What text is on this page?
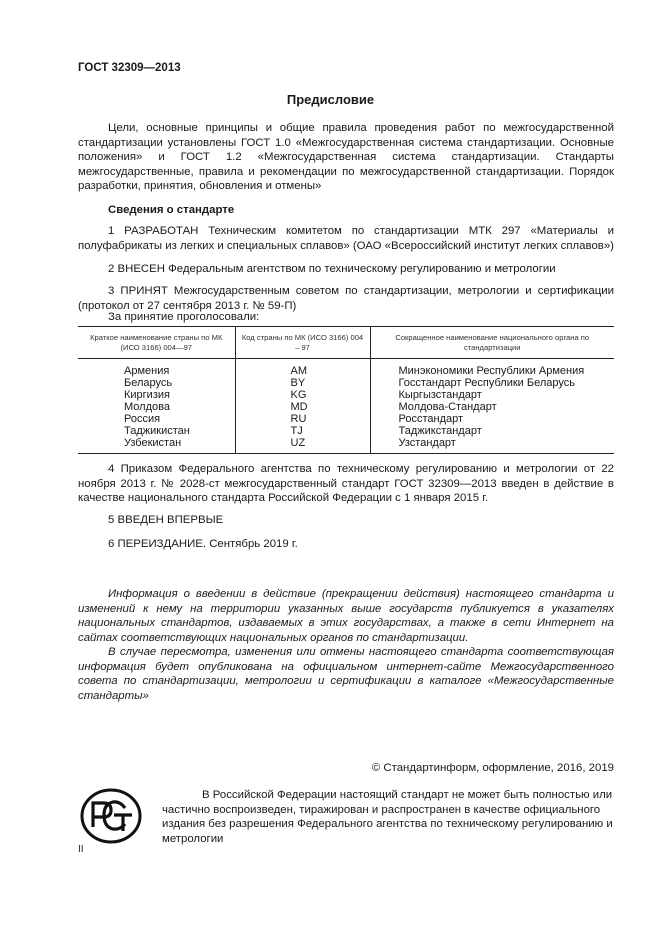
ГОСТ 32309—2013
Предисловие

Цели, основные принципы и общие правила проведения работ по межгосударственной стандартизации установлены ГОСТ 1.0 «Межгосударственная система стандартизации. Основные положения» и ГОСТ 1.2 «Межгосударственная система стандартизации. Стандарты межгосударственные, правила и рекомендации по межгосударственной стандартизации. Порядок разработки, принятия, обновления и отмены»

Сведения о стандарте

1 РАЗРАБОТАН Техническим комитетом по стандартизации МТК 297 «Материалы и полуфабрикаты из легких и специальных сплавов» (ОАО «Всероссийский институт легких сплавов»)

2 ВНЕСЕН Федеральным агентством по техническому регулированию и метрологии

3 ПРИНЯТ Межгосударственным советом по стандартизации, метрологии и сертификации (протокол от 27 сентября 2013 г. № 59-П)

За принятие проголосовали:

Краткое наименование страны по МК (ИСО 3166) 004—97	Код страны по МК (ИСО 3166) 004 – 97	Сокращенное наименование национального органа по стандартизации
Армения	AM	Минэкономики Республики Армения
Беларусь	BY	Госстандарт Республики Беларусь
Киргизия	KG	Кыргызстандарт
Молдова	MD	Молдова-Стандарт
Россия	RU	Росстандарт
Таджикистан	TJ	Таджикстандарт
Узбекистан	UZ	Узстандарт

4 Приказом Федерального агентства по техническому регулированию и метрологии от 22 ноября 2013 г. № 2028-ст межгосударственный стандарт ГОСТ 32309—2013 введен в действие в качестве национального стандарта Российской Федерации с 1 января 2015 г.

5 ВВЕДЕН ВПЕРВЫЕ

6 ПЕРЕИЗДАНИЕ. Сентябрь 2019 г.

Информация о введении в действие (прекращении действия) настоящего стандарта и изменений к нему на территории указанных выше государств публикуется в указателях национальных стандартов, издаваемых в этих государствах, а также в сети Интернет на сайтах соответствующих национальных органов по стандартизации.

В случае пересмотра, изменения или отмены настоящего стандарта соответствующая информация будет опубликована на официальном интернет-сайте Межгосударственного совета по стандартизации, метрологии и сертификации в каталоге «Межгосударственные стандарты»

© Стандартинформ, оформление, 2016, 2019

В Российской Федерации настоящий стандарт не может быть полностью или частично воспроизведен, тиражирован и распространен в качестве официального издания без разрешения Федерального агентства по техническому регулированию и метрологии

II
